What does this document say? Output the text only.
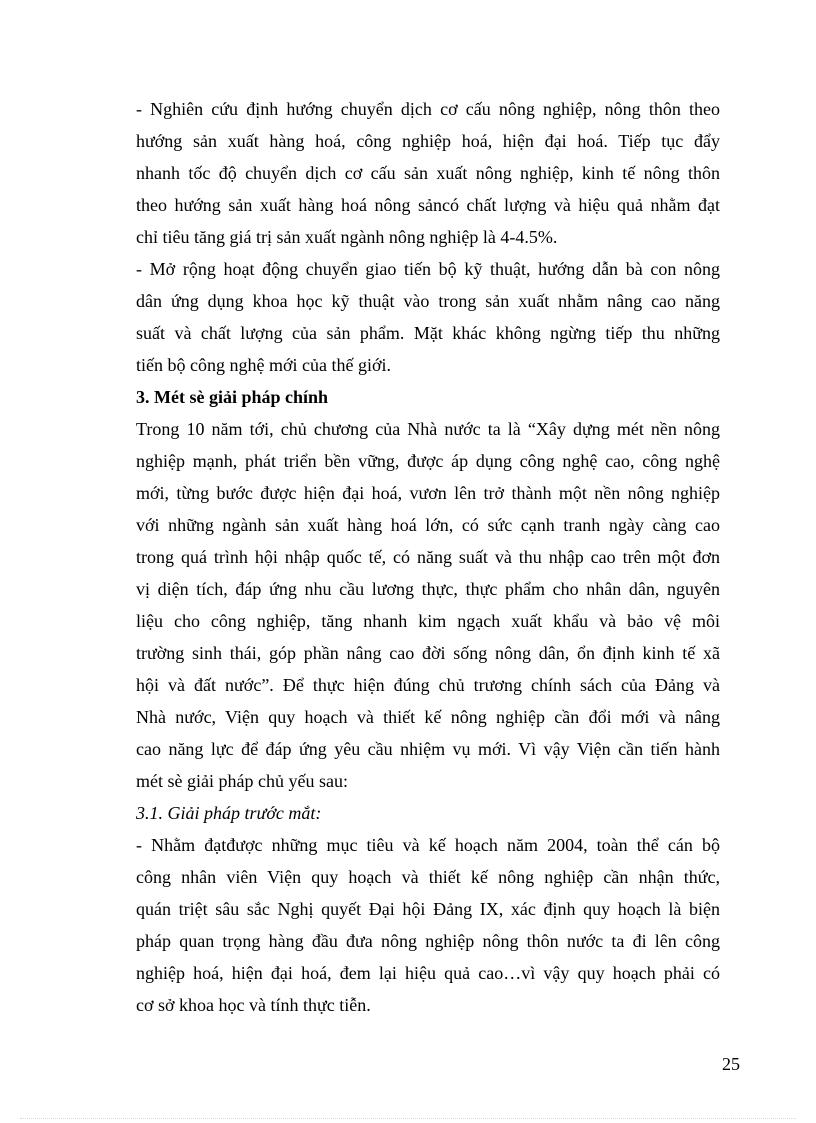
- Nghiên cứu định hướng chuyển dịch cơ cấu nông nghiệp, nông thôn theo
hướng sản xuất hàng hoá, công nghiệp hoá, hiện đại hoá. Tiếp tục đẩy
nhanh tốc độ chuyển dịch cơ cấu sản xuất nông nghiệp, kinh tế nông thôn
theo hướng sản xuất hàng hoá nông sảncó chất lượng và hiệu quả nhằm đạt
chỉ tiêu tăng giá trị sản xuất ngành nông nghiệp là 4-4.5%.
- Mở rộng hoạt động chuyển giao tiến bộ kỹ thuật, hướng dẫn bà con nông
dân ứng dụng khoa học kỹ thuật vào trong sản xuất nhằm nâng cao năng
suất và chất lượng của sản phẩm. Mặt khác không ngừng tiếp thu những
tiến bộ công nghệ mới của thế giới.
3. Mét sè giải pháp chính
Trong 10 năm tới, chủ chương của Nhà nước ta là “Xây dựng mét nền nông
nghiệp mạnh, phát triển bền vững, được áp dụng công nghệ cao, công nghệ
mới, từng bước được hiện đại hoá, vươn lên trở thành một nền nông nghiệp
với những ngành sản xuất hàng hoá lớn, có sức cạnh tranh ngày càng cao
trong quá trình hội nhập quốc tế, có năng suất và thu nhập cao trên một đơn
vị diện tích, đáp ứng nhu cầu lương thực, thực phẩm cho nhân dân, nguyên
liệu cho công nghiệp, tăng nhanh kim ngạch xuất khẩu và bảo vệ môi
trường sinh thái, góp phần nâng cao đời sống nông dân, ổn định kinh tế xã
hội và đất nước”. Để thực hiện đúng chủ trương chính sách của Đảng và
Nhà nước, Viện quy hoạch và thiết kế nông nghiệp cần đổi mới và nâng
cao năng lực để đáp ứng yêu cầu nhiệm vụ mới. Vì vậy Viện cần tiến hành
mét sè giải pháp chủ yếu sau:
3.1. Giải pháp trước mắt:
- Nhằm đạtđược những mục tiêu và kế hoạch năm 2004, toàn thể cán bộ
công nhân viên Viện quy hoạch và thiết kế nông nghiệp cần nhận thức,
quán triệt sâu sắc Nghị quyết Đại hội Đảng IX, xác định quy hoạch là biện
pháp quan trọng hàng đầu đưa nông nghiệp nông thôn nước ta đi lên công
nghiệp hoá, hiện đại hoá, đem lại hiệu quả cao…vì vậy quy hoạch phải có
cơ sở khoa học và tính thực tiễn.
25
